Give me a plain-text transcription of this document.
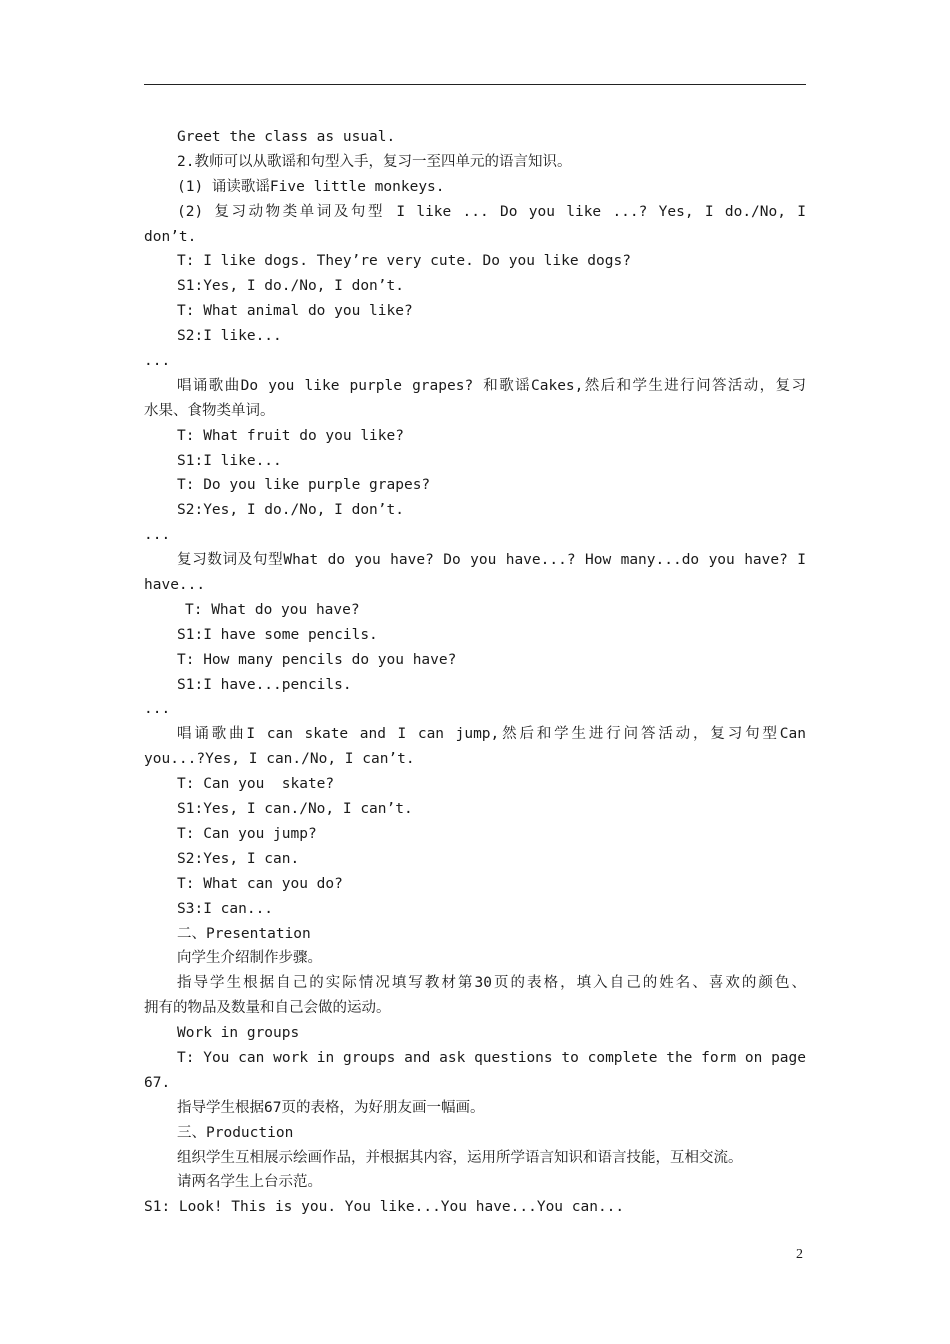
Greet the class as usual.
2.教师可以从歌谣和句型入手，复习一至四单元的语言知识。
(1) 诵读歌谣Five little monkeys.
(2) 复习动物类单词及句型 I like ... Do you like ...? Yes, I do./No, I
don’t.
T: I like dogs. They’re very cute. Do you like dogs?
S1:Yes, I do./No, I don’t.
T: What animal do you like?
S2:I like...
...
唱诵歌曲Do you like purple grapes? 和歌谣Cakes,然后和学生进行问答活动，复习
水果、食物类单词。
T: What fruit do you like?
S1:I like...
T: Do you like purple grapes?
S2:Yes, I do./No, I don’t.
...
复习数词及句型What do you have? Do you have...? How many...do you have? I
have...
T: What do you have?
S1:I have some pencils.
T: How many pencils do you have?
S1:I have...pencils.
...
唱诵歌曲I can skate and I can jump,然后和学生进行问答活动，复习句型Can
you...?Yes, I can./No, I can’t.
T: Can you  skate?
S1:Yes, I can./No, I can’t.
T: Can you jump?
S2:Yes, I can.
T: What can you do?
S3:I can...
二、Presentation
向学生介绍制作步骤。
指导学生根据自己的实际情况填写教材第30页的表格，填入自己的姓名、喜欢的颜色、
拥有的物品及数量和自己会做的运动。
Work in groups
T: You can work in groups and ask questions to complete the form on page
67.
指导学生根据67页的表格，为好朋友画一幅画。
三、Production
组织学生互相展示绘画作品，并根据其内容，运用所学语言知识和语言技能，互相交流。
请两名学生上台示范。
S1: Look! This is you. You like...You have...You can...
2
